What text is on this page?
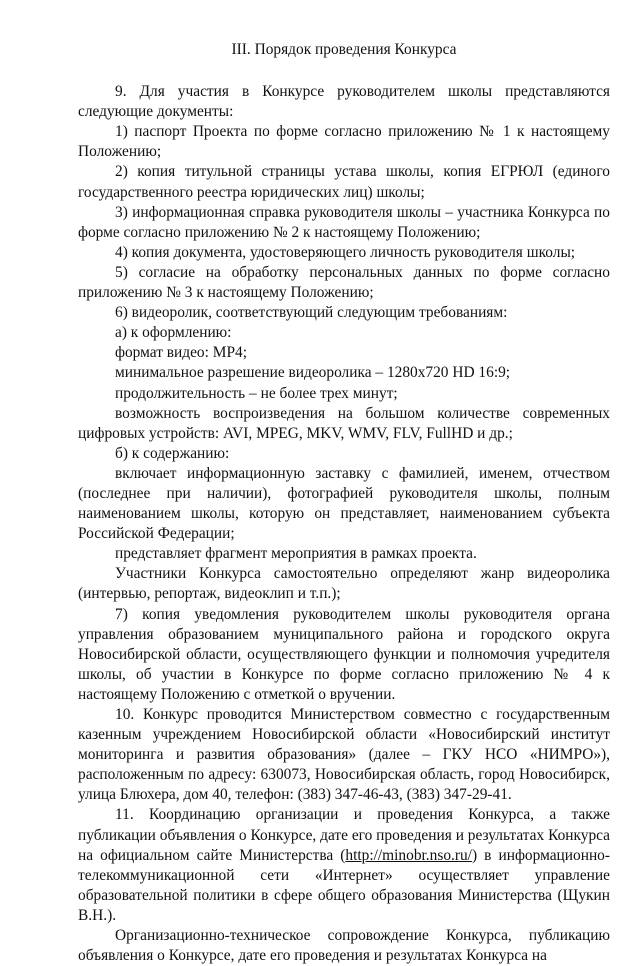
III. Порядок проведения Конкурса

9. Для участия в Конкурсе руководителем школы представляются следующие документы:

1) паспорт Проекта по форме согласно приложению № 1 к настоящему Положению;

2) копия титульной страницы устава школы, копия ЕГРЮЛ (единого государственного реестра юридических лиц) школы;

3) информационная справка руководителя школы – участника Конкурса по форме согласно приложению № 2 к настоящему Положению;

4) копия документа, удостоверяющего личность руководителя школы;

5) согласие на обработку персональных данных по форме согласно приложению № 3 к настоящему Положению;

6) видеоролик, соответствующий следующим требованиям:

а) к оформлению:

формат видео: MP4;

минимальное разрешение видеоролика – 1280х720 HD 16:9;

продолжительность – не более трех минут;

возможность воспроизведения на большом количестве современных цифровых устройств: AVI, MPEG, MKV, WMV, FLV, FullHD и др.;

б) к содержанию:

включает информационную заставку с фамилией, именем, отчеством (последнее при наличии), фотографией руководителя школы, полным наименованием школы, которую он представляет, наименованием субъекта Российской Федерации;

представляет фрагмент мероприятия в рамках проекта.

Участники Конкурса самостоятельно определяют жанр видеоролика (интервью, репортаж, видеоклип и т.п.);

7) копия уведомления руководителем школы руководителя органа управления образованием муниципального района и городского округа Новосибирской области, осуществляющего функции и полномочия учредителя школы, об участии в Конкурсе по форме согласно приложению № 4 к настоящему Положению с отметкой о вручении.

10. Конкурс проводится Министерством совместно с государственным казенным учреждением Новосибирской области «Новосибирский институт мониторинга и развития образования» (далее – ГКУ НСО «НИМРО»), расположенным по адресу: 630073, Новосибирская область, город Новосибирск, улица Блюхера, дом 40, телефон: (383) 347-46-43, (383) 347-29-41.

11. Координацию организации и проведения Конкурса, а также публикации объявления о Конкурсе, дате его проведения и результатах Конкурса на официальном сайте Министерства (http://minobr.nso.ru/) в информационно-телекоммуникационной сети «Интернет» осуществляет управление образовательной политики в сфере общего образования Министерства (Щукин В.Н.).

Организационно-техническое сопровождение Конкурса, публикацию объявления о Конкурсе, дате его проведения и результатах Конкурса на
